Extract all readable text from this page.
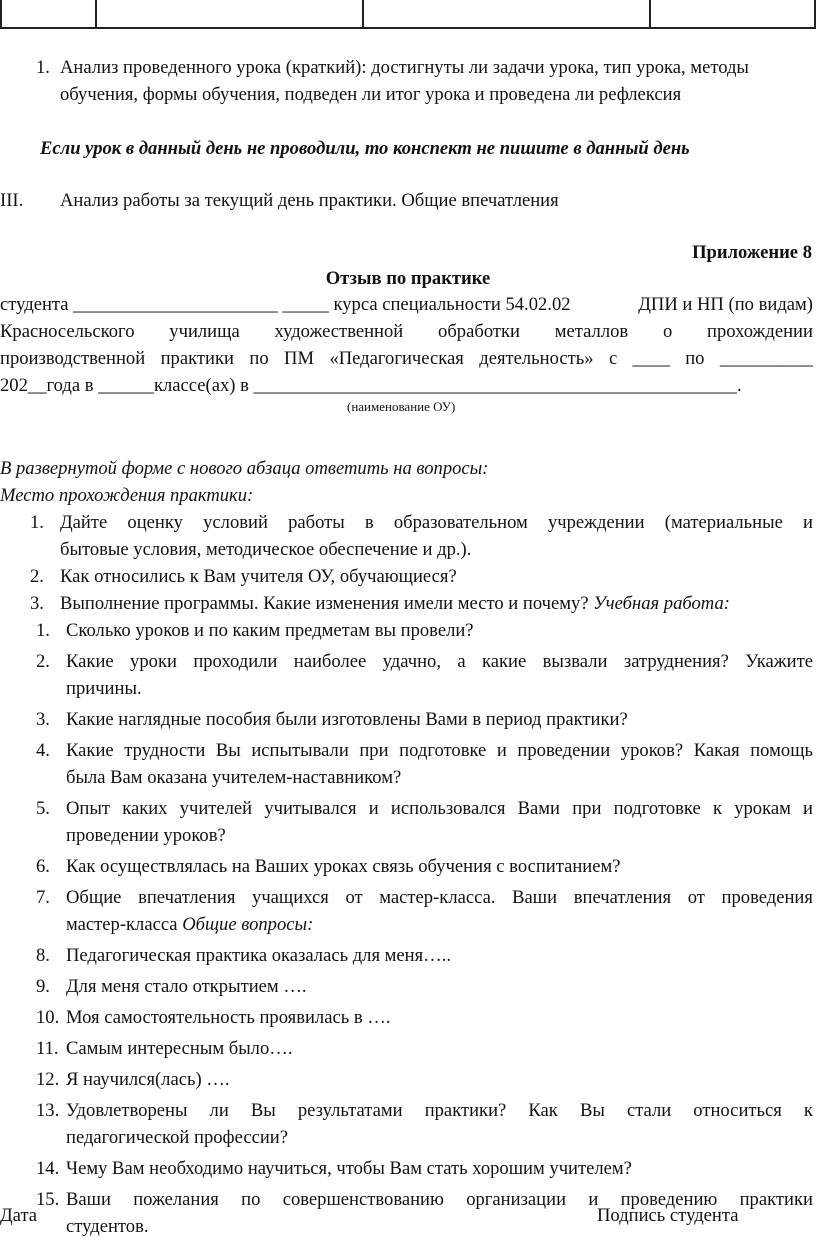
1. Анализ проведенного урока (краткий): достигнуты ли задачи урока, тип урока, методы
обучения, формы обучения, подведен ли итог урока и проведена ли рефлексия
Если урок в данный день не проводили, то конспект не пишите в данный день
III. Анализ работы за текущий день практики. Общие впечатления
Приложение 8
Отзыв по практике
студента ______________________ _____ курса специальности 54.02.02	ДПИ и НП (по видам)
Красносельского училища художественной обработки металлов о прохождении
производственной практики по ПМ «Педагогическая деятельность» с ____ по __________
202__года в ______классе(ах) в ____________________________________________________.
(наименование ОУ)
В развернутой форме с нового абзаца ответить на вопросы:
Место прохождения практики:
1. Дайте оценку условий работы в образовательном учреждении (материальные и
бытовые условия, методическое обеспечение и др.).
2. Как относились к Вам учителя ОУ, обучающиеся?
3. Выполнение программы. Какие изменения имели место и почему? Учебная работа:
1. Сколько уроков и по каким предметам вы провели?
2. Какие уроки проходили наиболее удачно, а какие вызвали затруднения? Укажите
причины.
3. Какие наглядные пособия были изготовлены Вами в период практики?
4. Какие трудности Вы испытывали при подготовке и проведении уроков? Какая помощь
была Вам оказана учителем-наставником?
5. Опыт каких учителей учитывался и использовался Вами при подготовке к урокам и
проведении уроков?
6. Как осуществлялась на Ваших уроках связь обучения с воспитанием?
7. Общие впечатления учащихся от мастер-класса. Ваши впечатления от проведения
мастер-класса Общие вопросы:
8. Педагогическая практика оказалась для меня…..
9. Для меня стало открытием ….
10. Моя самостоятельность проявилась в ….
11. Самым интересным было….
12. Я научился(лась) ….
13. Удовлетворены ли Вы результатами практики? Как Вы стали относиться к
педагогической профессии?
14. Чему Вам необходимо научиться, чтобы Вам стать хорошим учителем?
15. Ваши пожелания по совершенствованию организации и проведению практики
студентов.
Дата	Подпись студента
